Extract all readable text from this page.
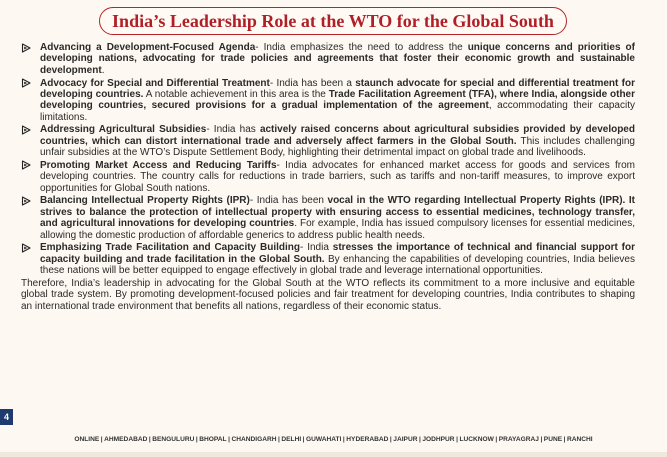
India’s Leadership Role at the WTO for the Global South
Advancing a Development-Focused Agenda- India emphasizes the need to address the unique concerns and priorities of developing nations, advocating for trade policies and agreements that foster their economic growth and sustainable development.
Advocacy for Special and Differential Treatment- India has been a staunch advocate for special and differential treatment for developing countries. A notable achievement in this area is the Trade Facilitation Agreement (TFA), where India, alongside other developing countries, secured provisions for a gradual implementation of the agreement, accommodating their capacity limitations.
Addressing Agricultural Subsidies- India has actively raised concerns about agricultural subsidies provided by developed countries, which can distort international trade and adversely affect farmers in the Global South. This includes challenging unfair subsidies at the WTO’s Dispute Settlement Body, highlighting their detrimental impact on global trade and livelihoods.
Promoting Market Access and Reducing Tariffs- India advocates for enhanced market access for goods and services from developing countries. The country calls for reductions in trade barriers, such as tariffs and non-tariff measures, to improve export opportunities for Global South nations.
Balancing Intellectual Property Rights (IPR)- India has been vocal in the WTO regarding Intellectual Property Rights (IPR). It strives to balance the protection of intellectual property with ensuring access to essential medicines, technology transfer, and agricultural innovations for developing countries. For example, India has issued compulsory licenses for essential medicines, allowing the domestic production of affordable generics to address public health needs.
Emphasizing Trade Facilitation and Capacity Building- India stresses the importance of technical and financial support for capacity building and trade facilitation in the Global South. By enhancing the capabilities of developing countries, India believes these nations will be better equipped to engage effectively in global trade and leverage international opportunities.
Therefore, India’s leadership in advocating for the Global South at the WTO reflects its commitment to a more inclusive and equitable global trade system. By promoting development-focused policies and fair treatment for developing countries, India contributes to shaping an international trade environment that benefits all nations, regardless of their economic status.
4
ONLINE | AHMEDABAD | BENGULURU | BHOPAL | CHANDIGARH | DELHI | GUWAHATI | HYDERABAD | JAIPUR | JODHPUR | LUCKNOW | PRAYAGRAJ | PUNE | RANCHI
